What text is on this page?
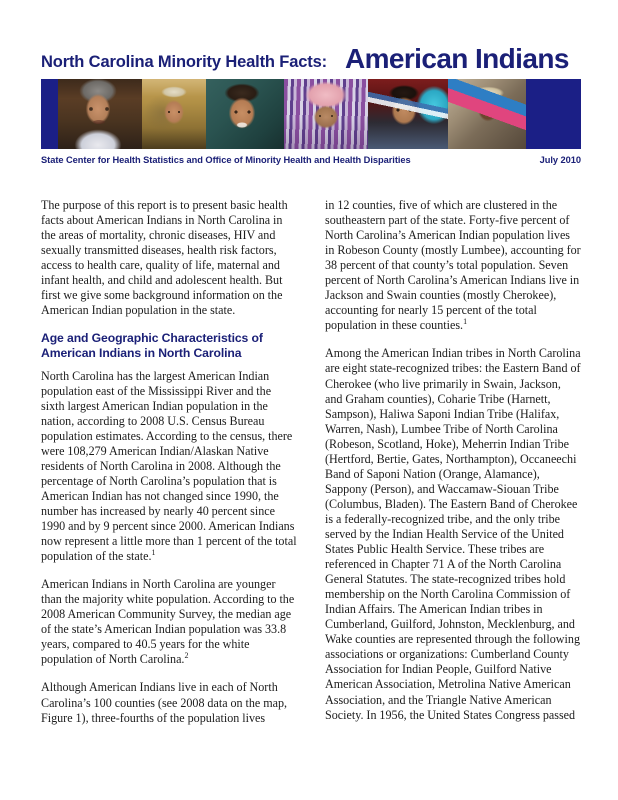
North Carolina Minority Health Facts: American Indians
State Center for Health Statistics and Office of Minority Health and Health Disparities	July 2010

The purpose of this report is to present basic health facts about American Indians in North Carolina in the areas of mortality, chronic diseases, HIV and sexually transmitted diseases, health risk factors, access to health care, quality of life, maternal and infant health, and child and adolescent health. But first we give some background information on the American Indian population in the state.

Age and Geographic Characteristics of American Indians in North Carolina

North Carolina has the largest American Indian population east of the Mississippi River and the sixth largest American Indian population in the nation, according to 2008 U.S. Census Bureau population estimates. According to the census, there were 108,279 American Indian/Alaskan Native residents of North Carolina in 2008. Although the percentage of North Carolina’s population that is American Indian has not changed since 1990, the number has increased by nearly 40 percent since 1990 and by 9 percent since 2000. American Indians now represent a little more than 1 percent of the total population of the state.$^1$

American Indians in North Carolina are younger than the majority white population. According to the 2008 American Community Survey, the median age of the state’s American Indian population was 33.8 years, compared to 40.5 years for the white population of North Carolina.$^2$

Although American Indians live in each of North Carolina’s 100 counties (see 2008 data on the map, Figure 1), three-fourths of the population lives

in 12 counties, five of which are clustered in the southeastern part of the state. Forty-five percent of North Carolina’s American Indian population lives in Robeson County (mostly Lumbee), accounting for 38 percent of that county’s total population. Seven percent of North Carolina’s American Indians live in Jackson and Swain counties (mostly Cherokee), accounting for nearly 15 percent of the total population in these counties.$^1$

Among the American Indian tribes in North Carolina are eight state-recognized tribes: the Eastern Band of Cherokee (who live primarily in Swain, Jackson, and Graham counties), Coharie Tribe (Harnett, Sampson), Haliwa Saponi Indian Tribe (Halifax, Warren, Nash), Lumbee Tribe of North Carolina (Robeson, Scotland, Hoke), Meherrin Indian Tribe (Hertford, Bertie, Gates, Northampton), Occaneechi Band of Saponi Nation (Orange, Alamance), Sappony (Person), and Waccamaw-Siouan Tribe (Columbus, Bladen). The Eastern Band of Cherokee is a federally-recognized tribe, and the only tribe served by the Indian Health Service of the United States Public Health Service. These tribes are referenced in Chapter 71 A of the North Carolina General Statutes. The state-recognized tribes hold membership on the North Carolina Commission of Indian Affairs. The American Indian tribes in Cumberland, Guilford, Johnston, Mecklenburg, and Wake counties are represented through the following associations or organizations: Cumberland County Association for Indian People, Guilford Native American Association, Metrolina Native American Association, and the Triangle Native American Society. In 1956, the United States Congress passed
